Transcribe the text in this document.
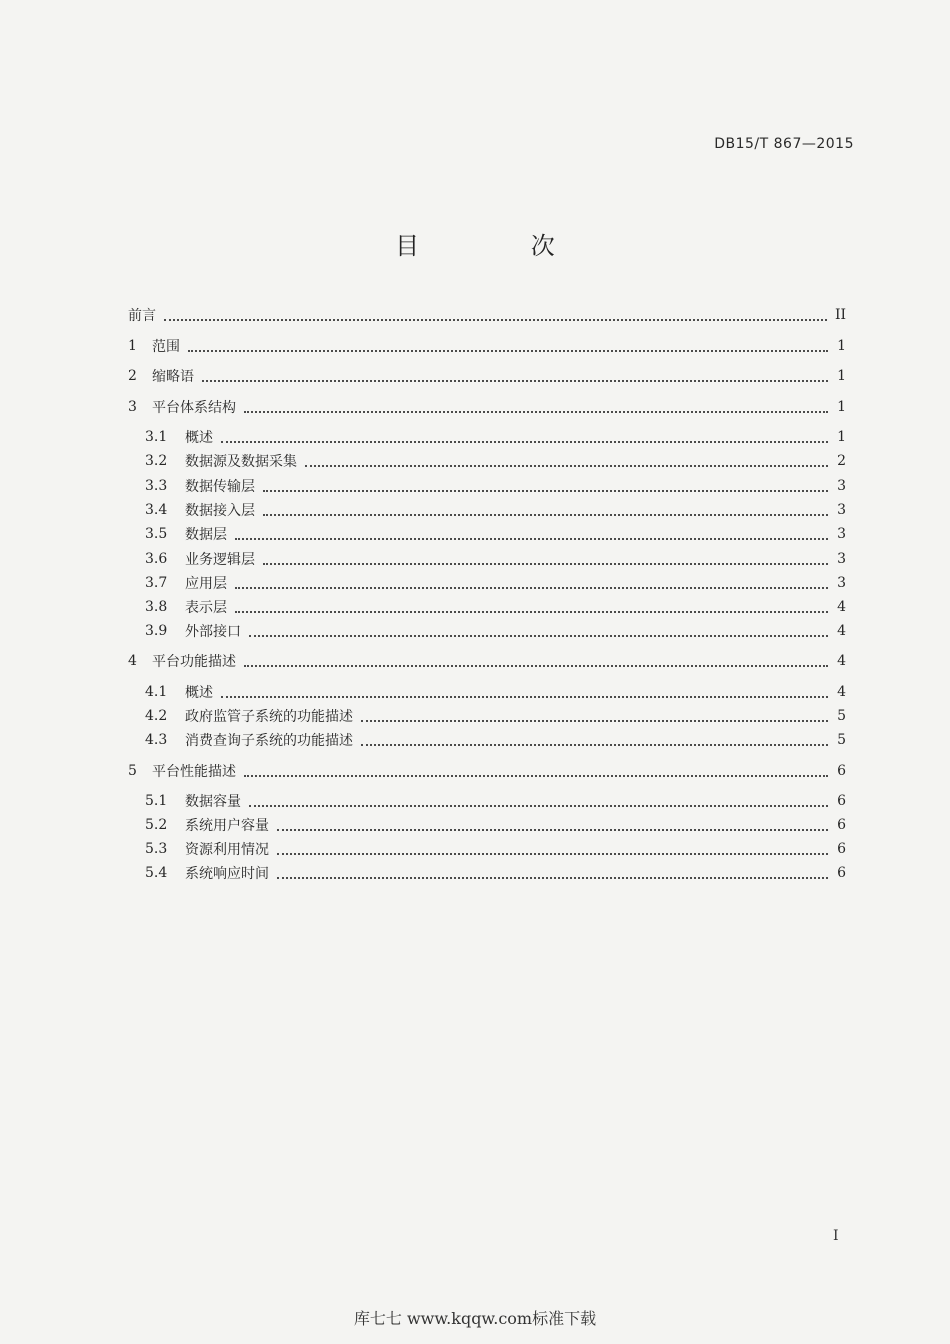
DB15/T 867—2015
目 次
前言	II
1	范围	1
2	缩略语	1
3	平台体系结构	1
3.1	概述	1
3.2	数据源及数据采集	2
3.3	数据传输层	3
3.4	数据接入层	3
3.5	数据层	3
3.6	业务逻辑层	3
3.7	应用层	3
3.8	表示层	4
3.9	外部接口	4
4	平台功能描述	4
4.1	概述	4
4.2	政府监管子系统的功能描述	5
4.3	消费查询子系统的功能描述	5
5	平台性能描述	6
5.1	数据容量	6
5.2	系统用户容量	6
5.3	资源利用情况	6
5.4	系统响应时间	6
I
库七七 www.kqqw.com标准下载
